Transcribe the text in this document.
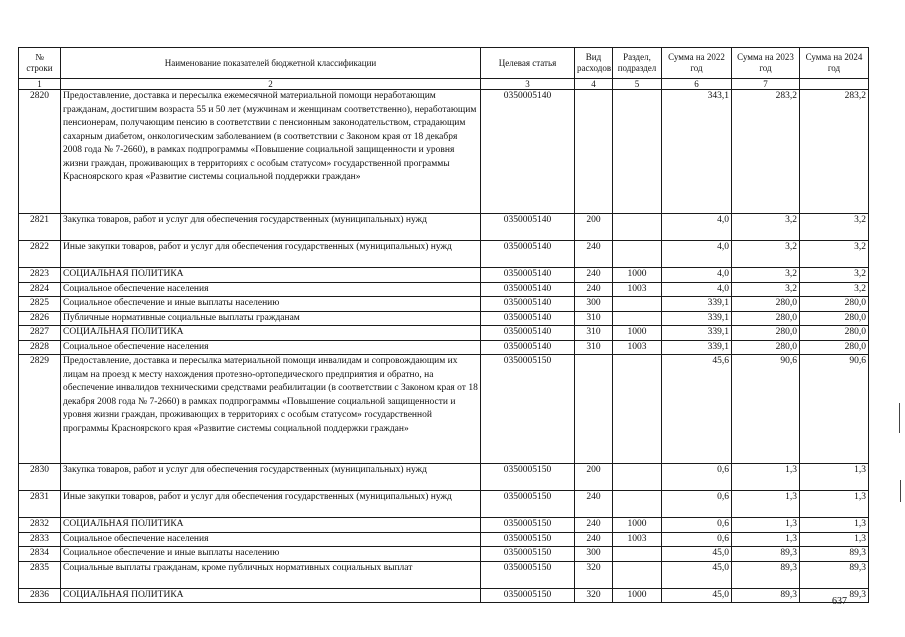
№ строки	Наименование показателей бюджетной классификации	Целевая статья	Вид расходов	Раздел, подраздел	Сумма на 2022 год	Сумма на 2023 год	Сумма на 2024 год
1	2	3	4	5	6	7	
2820	Предоставление, доставка и пересылка ежемесячной материальной помощи неработающим гражданам, достигшим возраста 55 и 50 лет (мужчинам и женщинам соответственно), неработающим пенсионерам, получающим пенсию в соответствии с пенсионным законодательством, страдающим сахарным диабетом, онкологическим заболеванием (в соответствии с Законом края от 18 декабря 2008 года № 7-2660), в рамках подпрограммы «Повышение социальной защищенности и уровня жизни граждан, проживающих в территориях с особым статусом» государственной программы Красноярского края «Развитие системы социальной поддержки граждан»	0350005140			343,1	283,2	283,2
2821	Закупка товаров, работ и услуг для обеспечения государственных (муниципальных) нужд	0350005140	200		4,0	3,2	3,2
2822	Иные закупки товаров, работ и услуг для обеспечения государственных (муниципальных) нужд	0350005140	240		4,0	3,2	3,2
2823	СОЦИАЛЬНАЯ ПОЛИТИКА	0350005140	240	1000	4,0	3,2	3,2
2824	Социальное обеспечение населения	0350005140	240	1003	4,0	3,2	3,2
2825	Социальное обеспечение и иные выплаты населению	0350005140	300		339,1	280,0	280,0
2826	Публичные нормативные социальные выплаты гражданам	0350005140	310		339,1	280,0	280,0
2827	СОЦИАЛЬНАЯ ПОЛИТИКА	0350005140	310	1000	339,1	280,0	280,0
2828	Социальное обеспечение населения	0350005140	310	1003	339,1	280,0	280,0
2829	Предоставление, доставка и пересылка материальной помощи инвалидам и сопровождающим их лицам на проезд к месту нахождения протезно-ортопедического предприятия и обратно, на обеспечение инвалидов техническими средствами реабилитации (в соответствии с Законом края от 18 декабря 2008 года № 7-2660) в рамках подпрограммы «Повышение социальной защищенности и уровня жизни граждан, проживающих в территориях с особым статусом» государственной программы Красноярского края «Развитие системы социальной поддержки граждан»	0350005150			45,6	90,6	90,6
2830	Закупка товаров, работ и услуг для обеспечения государственных (муниципальных) нужд	0350005150	200		0,6	1,3	1,3
2831	Иные закупки товаров, работ и услуг для обеспечения государственных (муниципальных) нужд	0350005150	240		0,6	1,3	1,3
2832	СОЦИАЛЬНАЯ ПОЛИТИКА	0350005150	240	1000	0,6	1,3	1,3
2833	Социальное обеспечение населения	0350005150	240	1003	0,6	1,3	1,3
2834	Социальное обеспечение и иные выплаты населению	0350005150	300		45,0	89,3	89,3
2835	Социальные выплаты гражданам, кроме публичных нормативных социальных выплат	0350005150	320		45,0	89,3	89,3
2836	СОЦИАЛЬНАЯ ПОЛИТИКА	0350005150	320	1000	45,0	89,3	89,3
637
